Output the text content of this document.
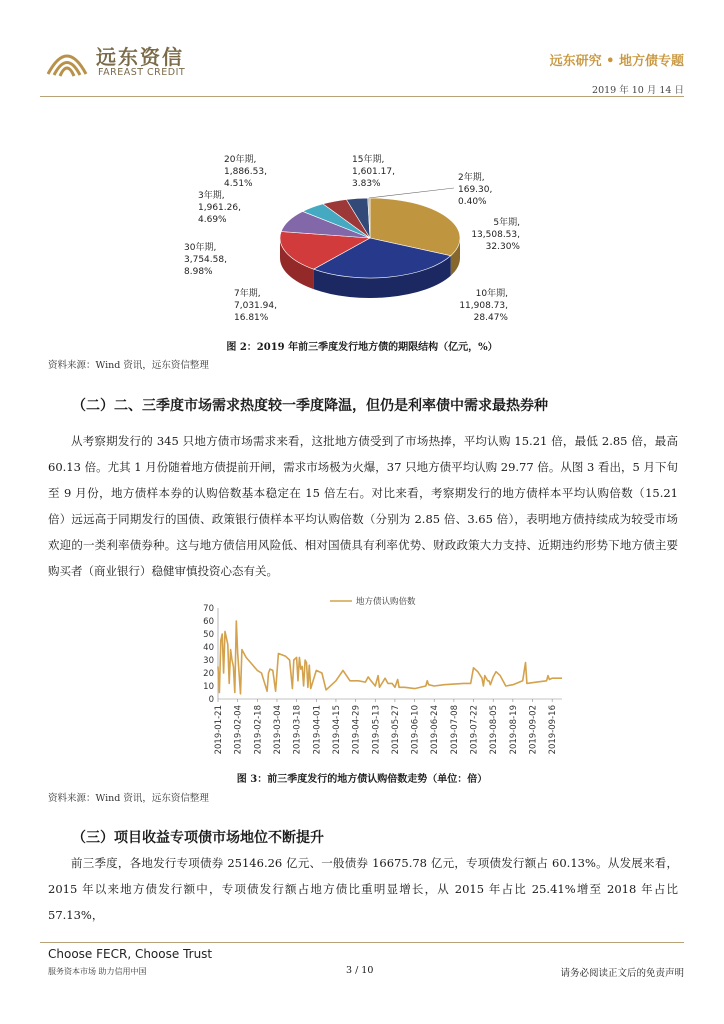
远东资信
FAREAST CREDIT
远东研究 • 地方债专题
2019 年 10 月 14 日
5年期, 13,508.53, 32.30%
10年期, 11,908.73, 28.47%
7年期, 7,031.94, 16.81%
30年期, 3,754.58, 8.98%
3年期, 1,961.26, 4.69%
20年期, 1,886.53, 4.51%
15年期, 1,601.17, 3.83%
2年期, 169.30, 0.40%
图 2：2019 年前三季度发行地方债的期限结构（亿元，%）
资料来源：Wind 资讯，远东资信整理
（二）二、三季度市场需求热度较一季度降温，但仍是利率债中需求最热券种

从考察期发行的 345 只地方债市场需求来看，这批地方债受到了市场热捧，平均认购 15.21 倍，最低 2.85 倍，最高 60.13 倍。尤其 1 月份随着地方债提前开闸，需求市场极为火爆，37 只地方债平均认购 29.77 倍。从图 3 看出，5 月下旬至 9 月份，地方债样本券的认购倍数基本稳定在 15 倍左右。对比来看，考察期发行的地方债样本平均认购倍数（15.21 倍）远远高于同期发行的国债、政策银行债样本平均认购倍数（分别为 2.85 倍、3.65 倍），表明地方债持续成为较受市场欢迎的一类利率债券种。这与地方债信用风险低、相对国债具有利率优势、财政政策大力支持、近期违约形势下地方债主要购买者（商业银行）稳健审慎投资心态有关。

0
10
20
30
40
50
60
70
2019-01-21 2019-02-04 2019-02-18 2019-03-04 2019-03-18 2019-04-01 2019-04-15 2019-04-29 2019-05-13 2019-05-27 2019-06-10 2019-06-24 2019-07-08 2019-07-22 2019-08-05 2019-08-19 2019-09-02 2019-09-16
地方债认购倍数
图 3：前三季度发行的地方债认购倍数走势（单位：倍）
资料来源：Wind 资讯，远东资信整理
（三）项目收益专项债市场地位不断提升

前三季度，各地发行专项债券 25146.26 亿元、一般债券 16675.78 亿元，专项债发行额占 60.13%。从发展来看，2015 年以来地方债发行额中，专项债发行额占地方债比重明显增长，从 2015 年占比 25.41%增至 2018 年占比 57.13%，

Choose FECR, Choose Trust
服务资本市场 助力信用中国	3 / 10	请务必阅读正文后的免责声明
